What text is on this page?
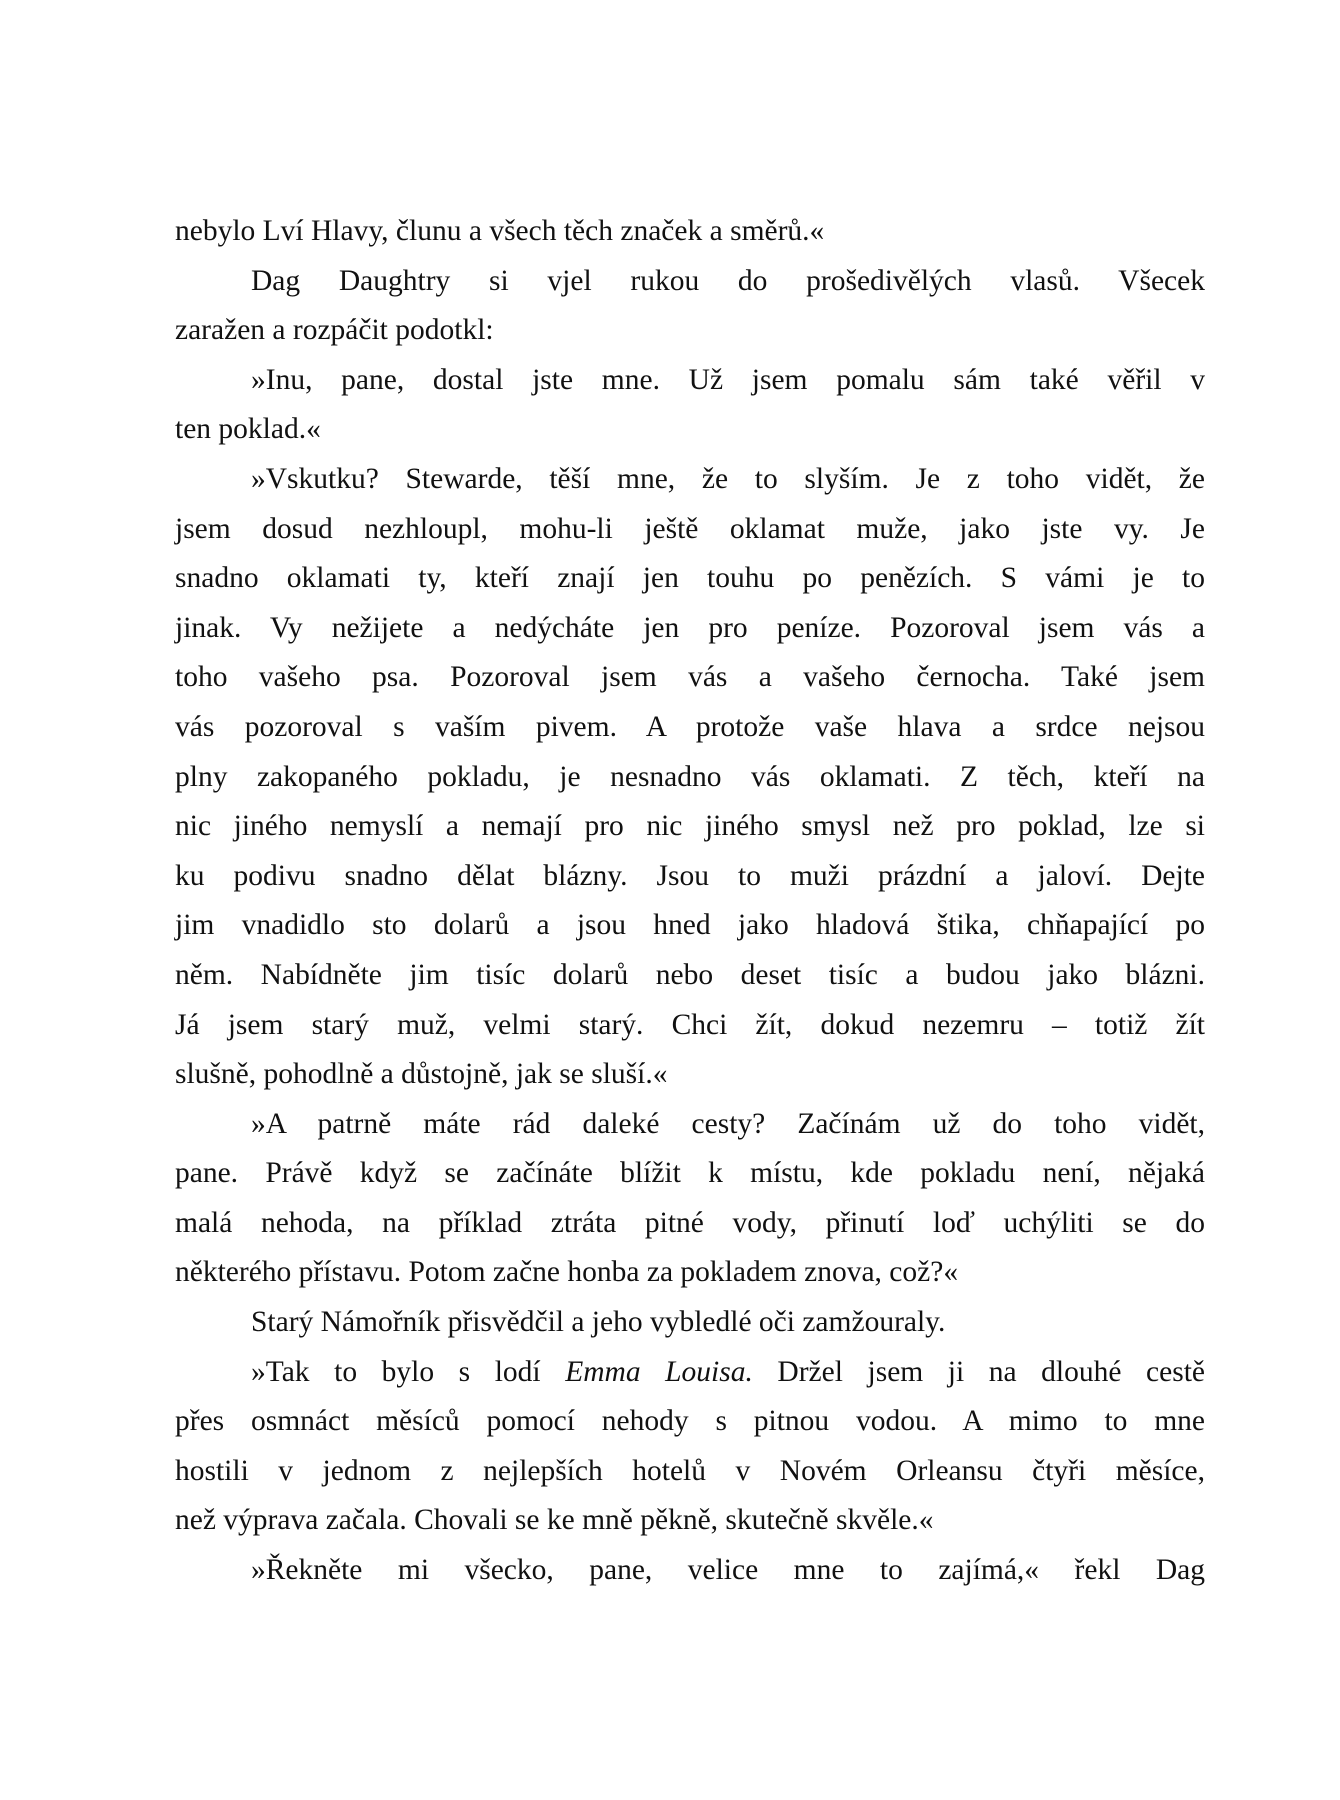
nebylo Lví Hlavy, člunu a všech těch značek a směrů.«
Dag Daughtry si vjel rukou do prošedivělých vlasů. Všecek
zaražen a rozpáčit podotkl:
»Inu, pane, dostal jste mne. Už jsem pomalu sám také věřil v
ten poklad.«
»Vskutku? Stewarde, těší mne, že to slyším. Je z toho vidět, že
jsem dosud nezhloupl, mohu-li ještě oklamat muže, jako jste vy. Je
snadno oklamati ty, kteří znají jen touhu po penězích. S vámi je to
jinak. Vy nežijete a nedýcháte jen pro peníze. Pozoroval jsem vás a
toho vašeho psa. Pozoroval jsem vás a vašeho černocha. Také jsem
vás pozoroval s vaším pivem. A protože vaše hlava a srdce nejsou
plny zakopaného pokladu, je nesnadno vás oklamati. Z těch, kteří na
nic jiného nemyslí a nemají pro nic jiného smysl než pro poklad, lze si
ku podivu snadno dělat blázny. Jsou to muži prázdní a jaloví. Dejte
jim vnadidlo sto dolarů a jsou hned jako hladová štika, chňapající po
něm. Nabídněte jim tisíc dolarů nebo deset tisíc a budou jako blázni.
Já jsem starý muž, velmi starý. Chci žít, dokud nezemru – totiž žít
slušně, pohodlně a důstojně, jak se sluší.«
»A patrně máte rád daleké cesty? Začínám už do toho vidět,
pane. Právě když se začínáte blížit k místu, kde pokladu není, nějaká
malá nehoda, na příklad ztráta pitné vody, přinutí loď uchýliti se do
některého přístavu. Potom začne honba za pokladem znova, což?«
Starý Námořník přisvědčil a jeho vybledlé oči zamžouraly.
»Tak to bylo s lodí Emma Louisa. Držel jsem ji na dlouhé cestě
přes osmnáct měsíců pomocí nehody s pitnou vodou. A mimo to mne
hostili v jednom z nejlepších hotelů v Novém Orleansu čtyři měsíce,
než výprava začala. Chovali se ke mně pěkně, skutečně skvěle.«
»Řekněte mi všecko, pane, velice mne to zajímá,« řekl Dag
